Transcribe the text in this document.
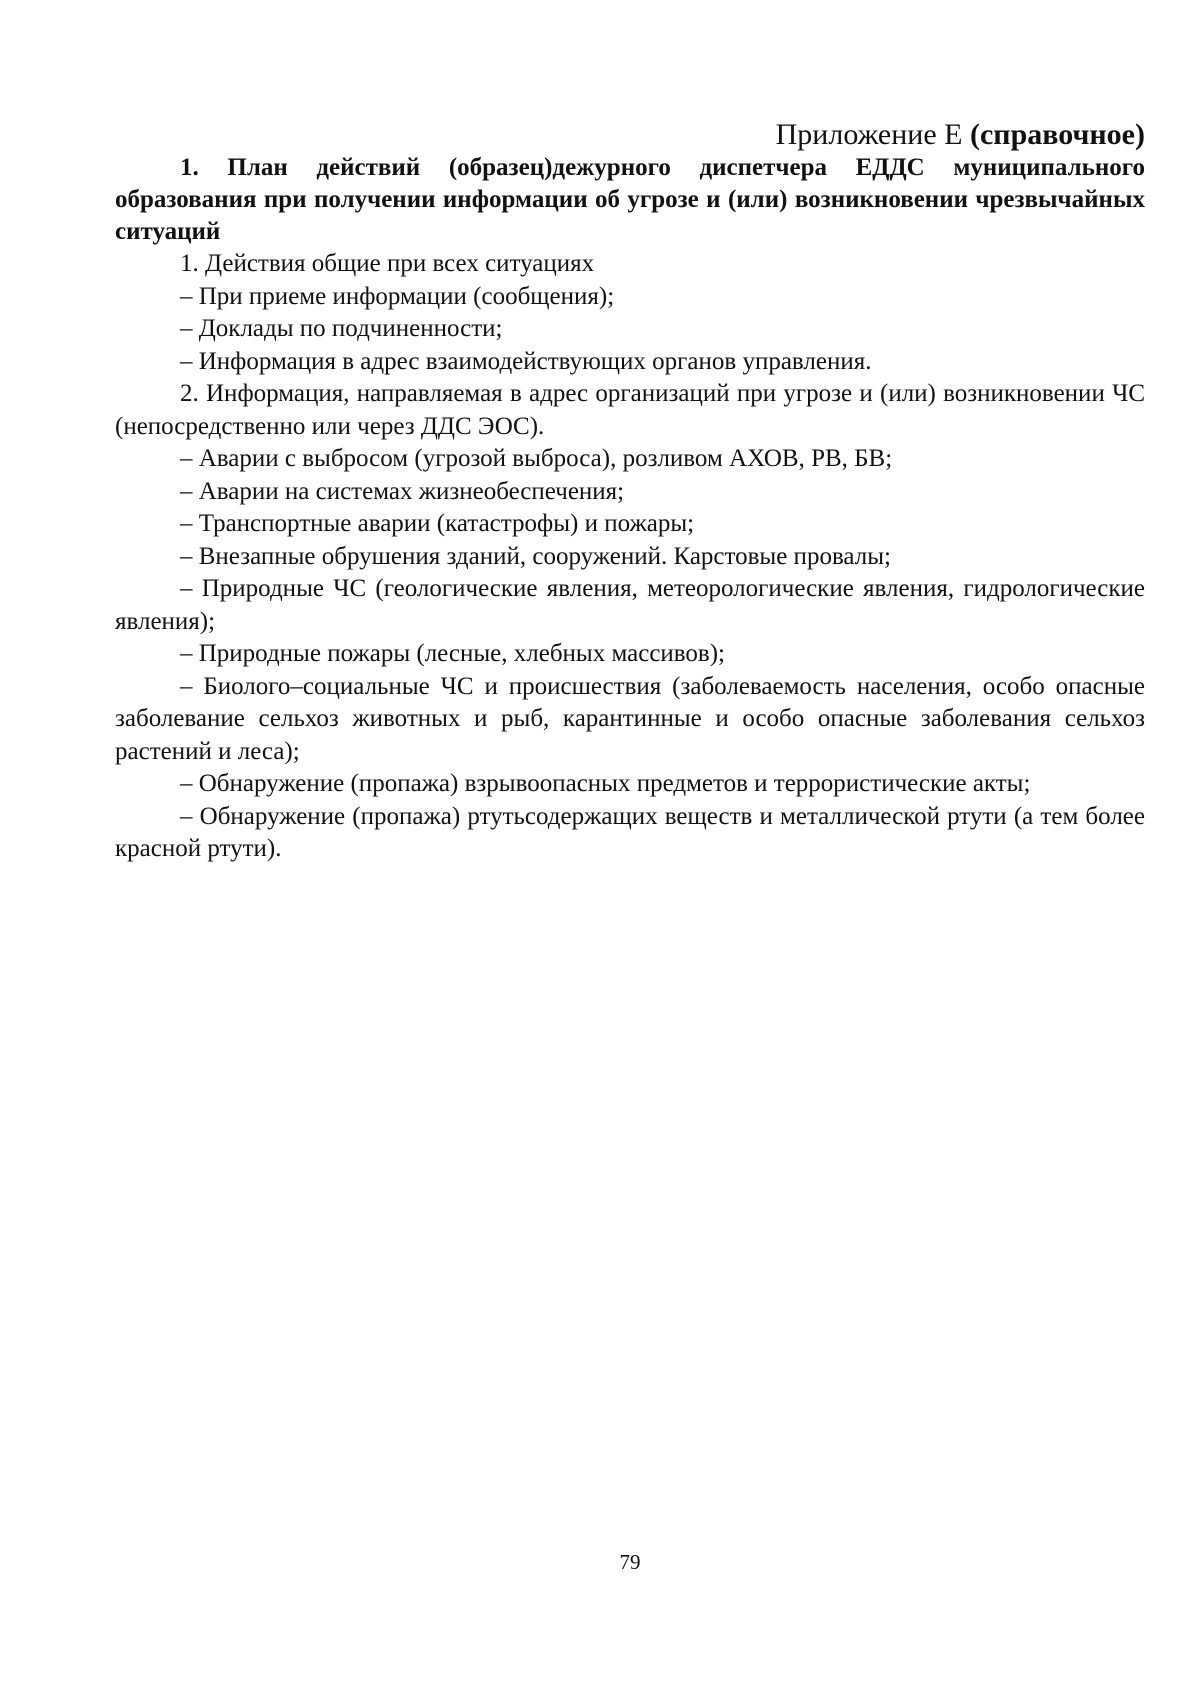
Приложение Е (справочное)

1. План действий (образец)дежурного диспетчера ЕДДС муниципального образования при получении информации об угрозе и (или) возникновении чрезвычайных ситуаций

1. Действия общие при всех ситуациях

– При приеме информации (сообщения);

– Доклады по подчиненности;

– Информация в адрес взаимодействующих органов управления.

2. Информация, направляемая в адрес организаций при угрозе и (или) возникновении ЧС (непосредственно или через ДДС ЭОС).

– Аварии с выбросом (угрозой выброса), розливом АХОВ, РВ, БВ;

– Аварии на системах жизнеобеспечения;

– Транспортные аварии (катастрофы) и пожары;

– Внезапные обрушения зданий, сооружений. Карстовые провалы;

– Природные ЧС (геологические явления, метеорологические явления, гидрологические явления);

– Природные пожары (лесные, хлебных массивов);

– Биолого–социальные ЧС и происшествия (заболеваемость населения, особо опасные заболевание сельхоз животных и рыб, карантинные и особо опасные заболевания сельхоз растений и леса);

– Обнаружение (пропажа) взрывоопасных предметов и террористические акты;

– Обнаружение (пропажа) ртутьсодержащих веществ и металлической ртути (а тем более красной ртути).

79
